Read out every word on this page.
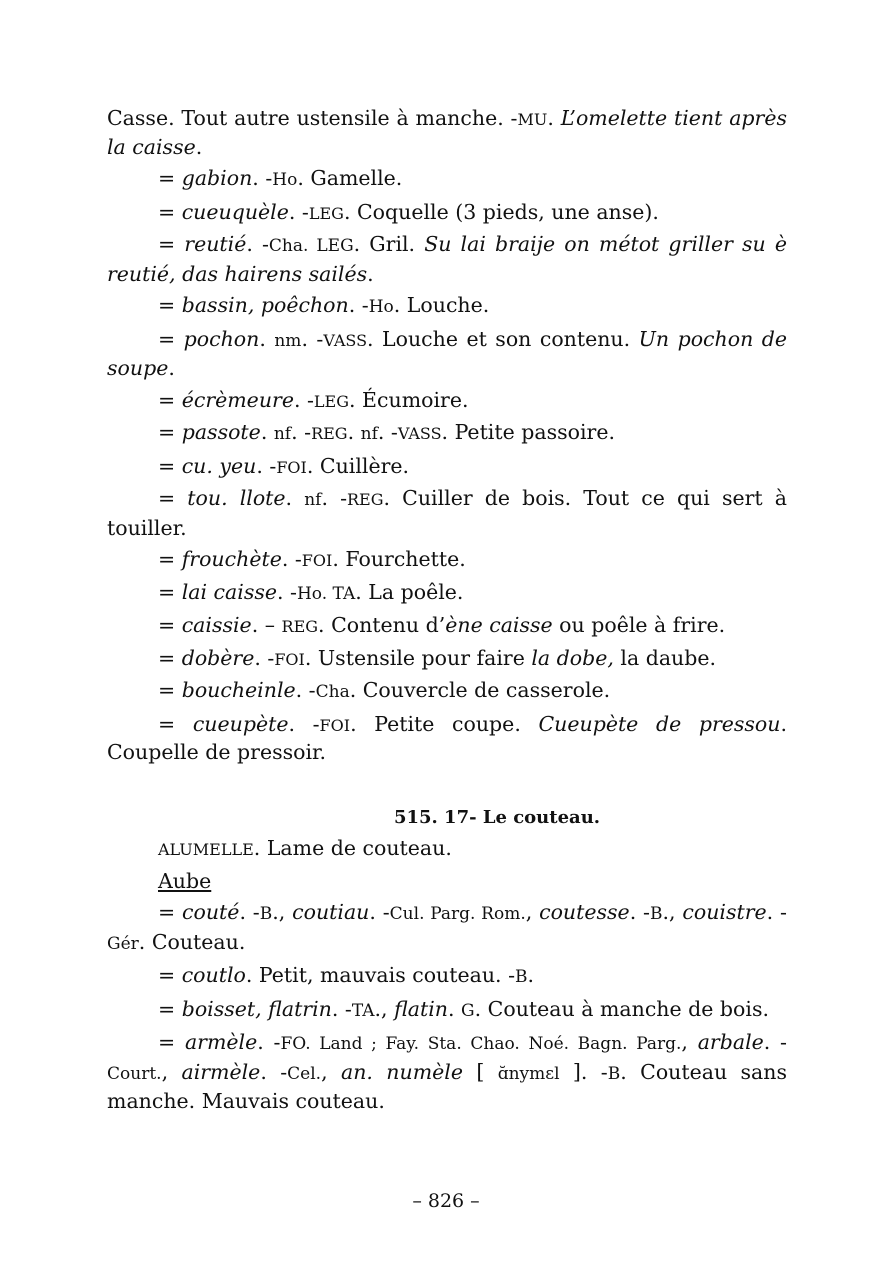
Casse. Tout autre ustensile à manche. -MU. L’omelette tient après la caisse.

= gabion. -Ho. Gamelle.

= cueuquèle. -LEG. Coquelle (3 pieds, une anse).

= reutié. -Cha. LEG. Gril. Su lai braije on métot griller su è reutié, das hairens sailés.

= bassin, poêchon. -Ho. Louche.

= pochon. nm. -VASS. Louche et son contenu. Un pochon de soupe.

= écrèmeure. -LEG. Écumoire.

= passote. nf. -REG. nf. -VASS. Petite passoire.

= cu. yeu. -FOI. Cuillère.

= tou. llote. nf. -REG. Cuiller de bois. Tout ce qui sert à touiller.

= frouchète. -FOI. Fourchette.

= lai caisse. -Ho. TA. La poêle.

= caissie. – REG. Contenu d’ène caisse ou poêle à frire.

= dobère. -FOI. Ustensile pour faire la dobe, la daube.

= boucheinle. -Cha. Couvercle de casserole.

= cueupète. -FOI. Petite coupe. Cueupète de pressou. Coupelle de pressoir.

515. 17- Le couteau.

ALUMELLE. Lame de couteau.

Aube

= couté. -B., coutiau. -Cul. Parg. Rom., coutesse. -B., couistre. -Gér. Couteau.

= coutlo. Petit, mauvais couteau. -B.

= boisset, flatrin. -TA., flatin. G. Couteau à manche de bois.

= armèle. -FO. Land ; Fay. Sta. Chao. Noé. Bagn. Parg., arbale. -Court., airmèle. -Cel., an. numèle [ ɑ̆nymɛl ]. -B. Couteau sans manche. Mauvais couteau.

– 826 –
